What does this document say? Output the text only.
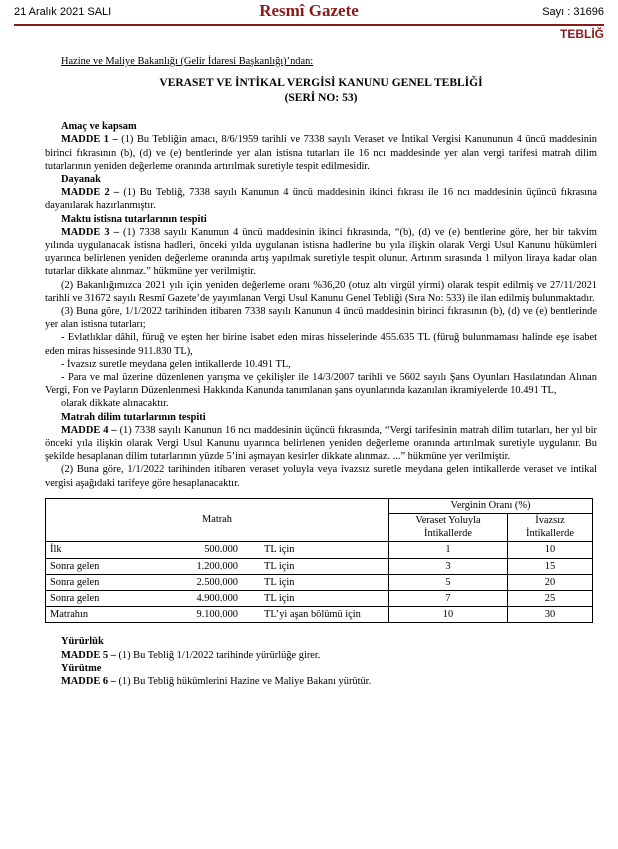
21 Aralık 2021 SALI	Resmî Gazete	Sayı : 31696
TEBLİĞ
Hazine ve Maliye Bakanlığı (Gelir İdaresi Başkanlığı)’ndan:
VERASET VE İNTİKAL VERGİSİ KANUNU GENEL TEBLİĞİ
(SERİ NO: 53)
Amaç ve kapsam

MADDE 1 – (1) Bu Tebliğin amacı, 8/6/1959 tarihli ve 7338 sayılı Veraset ve İntikal Vergisi Kanununun 4 üncü maddesinin birinci fıkrasının (b), (d) ve (e) bentlerinde yer alan istisna tutarları ile 16 ncı maddesinde yer alan vergi tarifesi matrah dilim tutarlarının yeniden değerleme oranında artırılmak suretiyle tespit edilmesidir.

Dayanak

MADDE 2 – (1) Bu Tebliğ, 7338 sayılı Kanunun 4 üncü maddesinin ikinci fıkrası ile 16 ncı maddesinin üçüncü fıkrasına dayanılarak hazırlanmıştır.

Maktu istisna tutarlarının tespiti

MADDE 3 – (1) 7338 sayılı Kanunun 4 üncü maddesinin ikinci fıkrasında, “(b), (d) ve (e) bentlerine göre, her bir takvim yılında uygulanacak istisna hadleri, önceki yılda uygulanan istisna hadlerine bu yıla ilişkin olarak Vergi Usul Kanunu hükümleri uyarınca belirlenen yeniden değerleme oranında artış yapılmak suretiyle tespit olunur. Artırım sırasında 1 milyon liraya kadar olan tutarlar dikkate alınmaz.” hükmüne yer verilmiştir.

(2) Bakanlığımızca 2021 yılı için yeniden değerleme oranı %36,20 (otuz altı virgül yirmi) olarak tespit edilmiş ve 27/11/2021 tarihli ve 31672 sayılı Resmî Gazete’de yayımlanan Vergi Usul Kanunu Genel Tebliği (Sıra No: 533) ile ilan edilmiş bulunmaktadır.

(3) Buna göre, 1/1/2022 tarihinden itibaren 7338 sayılı Kanunun 4 üncü maddesinin birinci fıkrasının (b), (d) ve (e) bentlerinde yer alan istisna tutarları;

- Evlatlıklar dâhil, füruğ ve eşten her birine isabet eden miras hisselerinde 455.635 TL (füruğ bulunmaması halinde eşe isabet eden miras hissesinde 911.830 TL),

- İvazsız suretle meydana gelen intikallerde 10.491 TL,

- Para ve mal üzerine düzenlenen yarışma ve çekilişler ile 14/3/2007 tarihli ve 5602 sayılı Şans Oyunları Hasılatından Alınan Vergi, Fon ve Payların Düzenlenmesi Hakkında Kanunda tanımlanan şans oyunlarında kazanılan ikramiyelerde 10.491 TL,

olarak dikkate alınacaktır.

Matrah dilim tutarlarının tespiti

MADDE 4 – (1) 7338 sayılı Kanunun 16 ncı maddesinin üçüncü fıkrasında, “Vergi tarifesinin matrah dilim tutarları, her yıl bir önceki yıla ilişkin olarak Vergi Usul Kanunu uyarınca belirlenen yeniden değerleme oranında artırılmak suretiyle uygulanır. Bu şekilde hesaplanan dilim tutarlarının yüzde 5’ini aşmayan kesirler dikkate alınmaz. ...” hükmüne yer verilmiştir.

(2) Buna göre, 1/1/2022 tarihinden itibaren veraset yoluyla veya ivazsız suretle meydana gelen intikallerde veraset ve intikal vergisi aşağıdaki tarifeye göre hesaplanacaktır.

Matrah	Verginin Oranı (%)	
	Veraset Yoluyla İntikallerde	İvazsız İntikallerde

İlk 500.000 TL için	1	10

Sonra gelen 1.200.000 TL için	3	15

Sonra gelen 2.500.000 TL için	5	20

Sonra gelen 4.900.000 TL için	7	25

Matrahın 9.100.000 TL’yi aşan bölümü için	10	30
Yürürlük

MADDE 5 – (1) Bu Tebliğ 1/1/2022 tarihinde yürürlüğe girer.

Yürütme

MADDE 6 – (1) Bu Tebliğ hükümlerini Hazine ve Maliye Bakanı yürütür.
